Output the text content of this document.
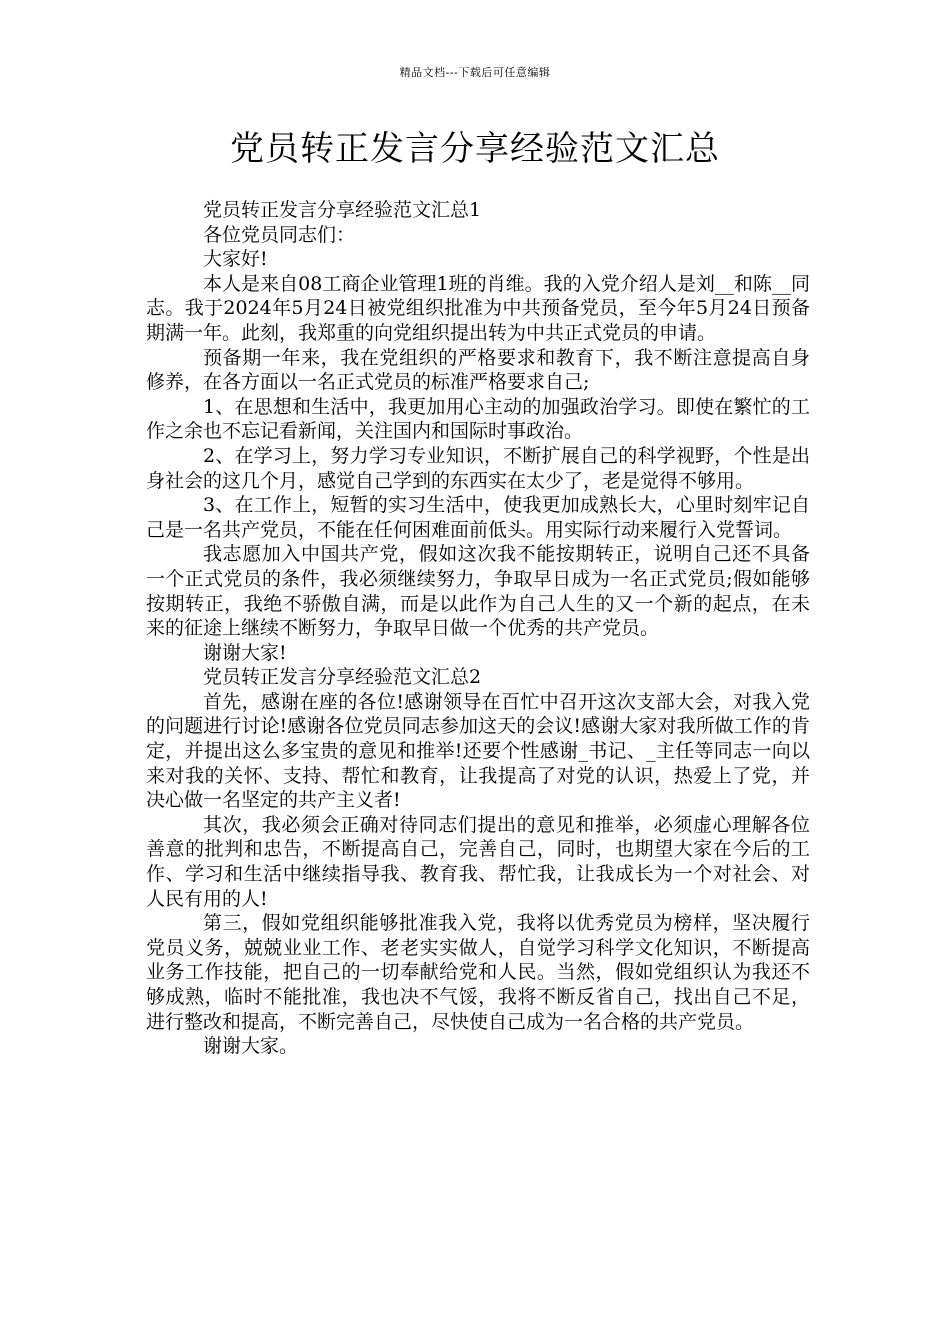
精品文档---下载后可任意编辑
党员转正发言分享经验范文汇总

党员转正发言分享经验范文汇总1

各位党员同志们：

大家好!

本人是来自08工商企业管理1班的肖维。我的入党介绍人是刘__和陈__同志。我于2024年5月24日被党组织批准为中共预备党员，至今年5月24日预备期满一年。此刻，我郑重的向党组织提出转为中共正式党员的申请。

预备期一年来，我在党组织的严格要求和教育下，我不断注意提高自身修养，在各方面以一名正式党员的标准严格要求自己;

1、在思想和生活中，我更加用心主动的加强政治学习。即使在繁忙的工作之余也不忘记看新闻，关注国内和国际时事政治。

2、在学习上，努力学习专业知识，不断扩展自己的科学视野，个性是出身社会的这几个月，感觉自己学到的东西实在太少了，老是觉得不够用。

3、在工作上，短暂的实习生活中，使我更加成熟长大，心里时刻牢记自己是一名共产党员，不能在任何困难面前低头。用实际行动来履行入党誓词。

我志愿加入中国共产党，假如这次我不能按期转正，说明自己还不具备一个正式党员的条件，我必须继续努力，争取早日成为一名正式党员;假如能够按期转正，我绝不骄傲自满，而是以此作为自己人生的又一个新的起点，在未来的征途上继续不断努力，争取早日做一个优秀的共产党员。

谢谢大家!

党员转正发言分享经验范文汇总2

首先，感谢在座的各位!感谢领导在百忙中召开这次支部大会，对我入党的问题进行讨论!感谢各位党员同志参加这天的会议!感谢大家对我所做工作的肯定，并提出这么多宝贵的意见和推举!还要个性感谢_书记、_主任等同志一向以来对我的关怀、支持、帮忙和教育，让我提高了对党的认识，热爱上了党，并决心做一名坚定的共产主义者!

其次，我必须会正确对待同志们提出的意见和推举，必须虚心理解各位善意的批判和忠告，不断提高自己，完善自己，同时，也期望大家在今后的工作、学习和生活中继续指导我、教育我、帮忙我，让我成长为一个对社会、对人民有用的人!

第三，假如党组织能够批准我入党，我将以优秀党员为榜样，坚决履行党员义务，兢兢业业工作、老老实实做人，自觉学习科学文化知识，不断提高业务工作技能，把自己的一切奉献给党和人民。当然，假如党组织认为我还不够成熟，临时不能批准，我也决不气馁，我将不断反省自己，找出自己不足，进行整改和提高，不断完善自己，尽快使自己成为一名合格的共产党员。

谢谢大家。
